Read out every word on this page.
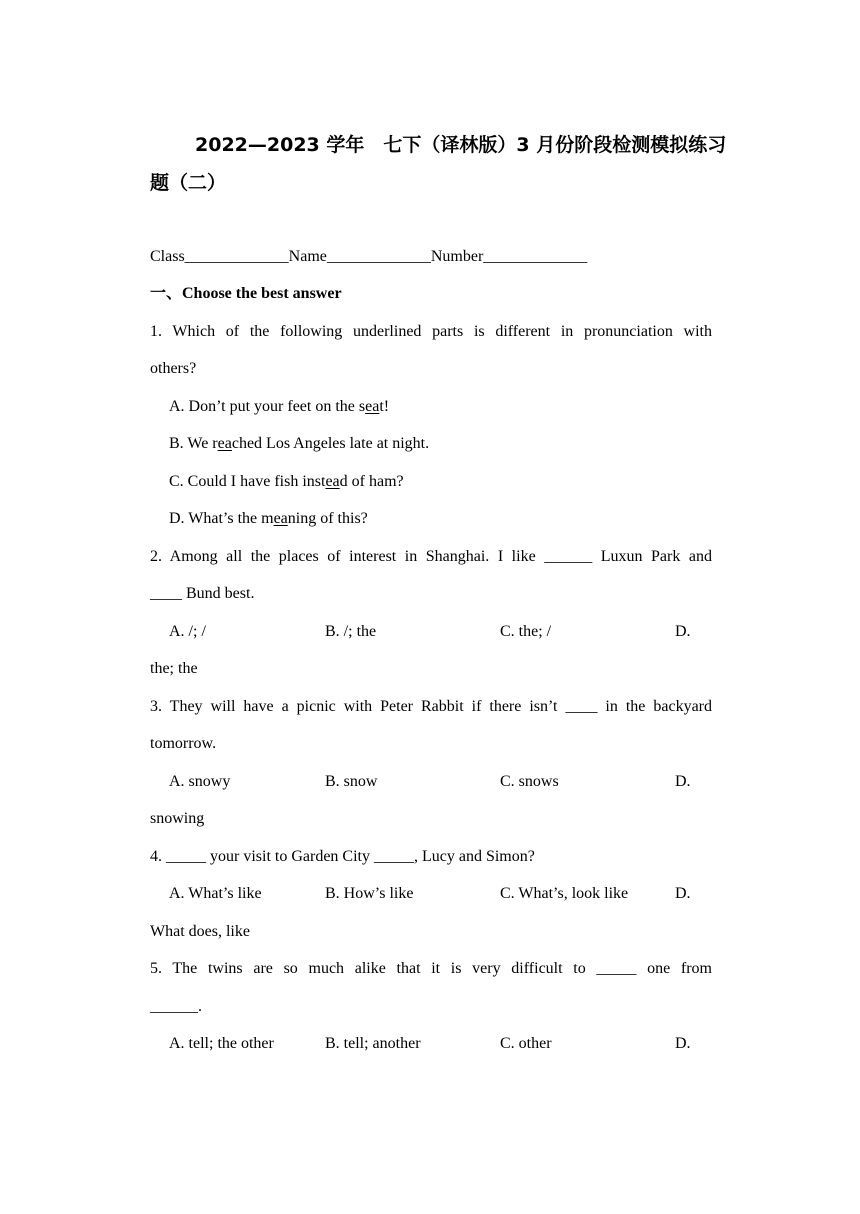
2022—2023 学年　七下（译林版）3 月份阶段检测模拟练习
题（二）
Class_____________Name_____________Number_____________
一、Choose the best answer
1. Which of the following underlined parts is different in pronunciation with
others?
A. Don’t put your feet on the seat!
B. We reached Los Angeles late at night.
C. Could I have fish instead of ham?
D. What’s the meaning of this?
2. Among all the places of interest in Shanghai. I like ______ Luxun Park and
____ Bund best.
A. /; /	B. /; the	C. the; /	D.
the; the
3. They will have a picnic with Peter Rabbit if there isn’t ____ in the backyard
tomorrow.
A. snowy	B. snow	C. snows	D.
snowing
4. _____ your visit to Garden City _____, Lucy and Simon?
A. What’s like	B. How’s like	C. What’s, look like	D.
What does, like
5. The twins are so much alike that it is very difficult to _____ one from
______.
A. tell; the other	B. tell; another	C. other	D.
